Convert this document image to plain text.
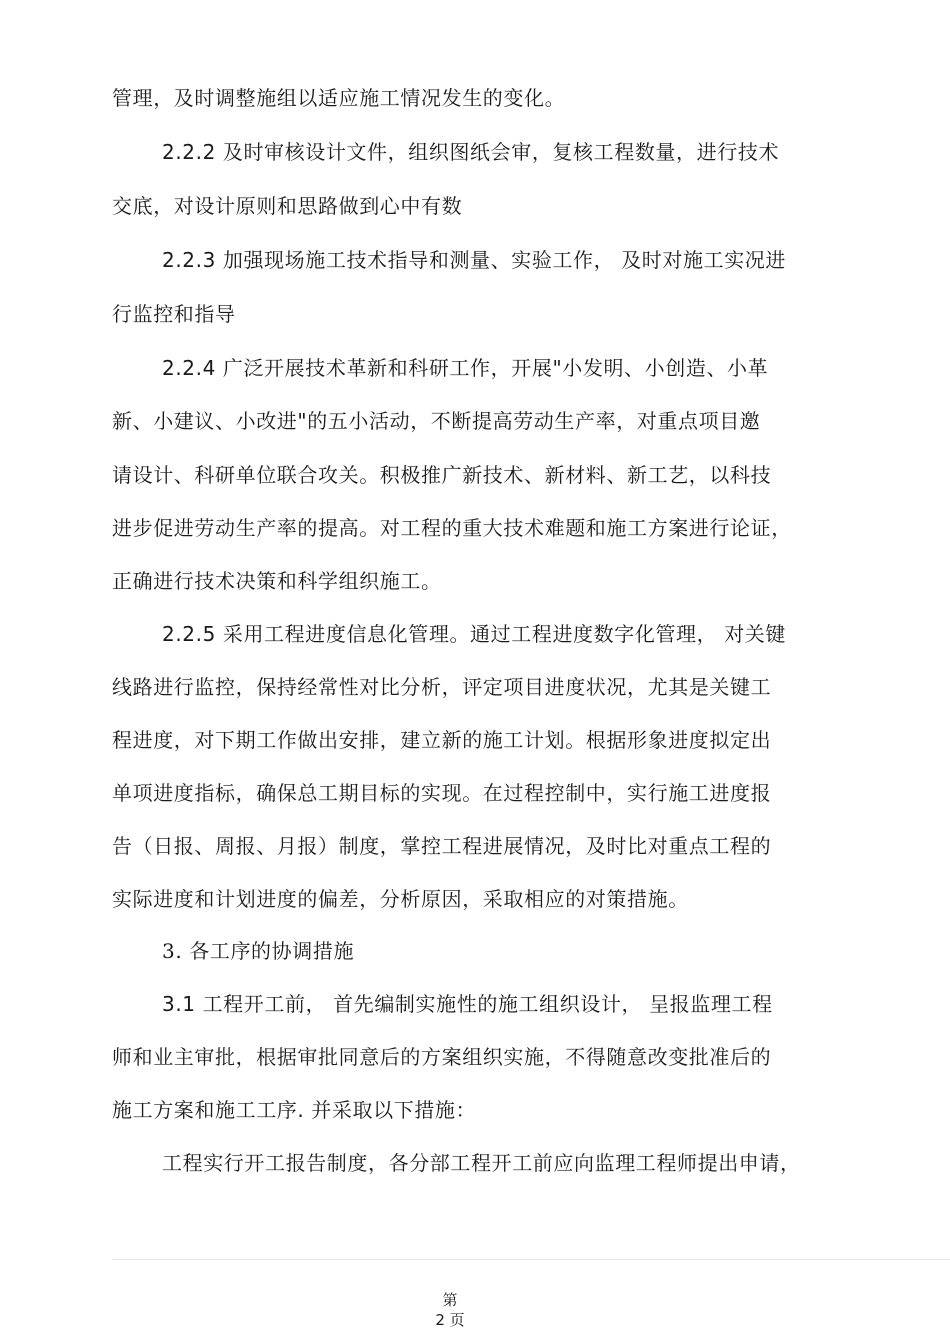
管理，及时调整施组以适应施工情况发生的变化。
2.2.2 及时审核设计文件，组织图纸会审，复核工程数量，进行技术
交底，对设计原则和思路做到心中有数
2.2.3 加强现场施工技术指导和测量、实验工作， 及时对施工实况进
行监控和指导
2.2.4 广泛开展技术革新和科研工作，开展"小发明、小创造、小革
新、小建议、小改进"的五小活动，不断提高劳动生产率，对重点项目邀
请设计、科研单位联合攻关。积极推广新技术、新材料、新工艺，以科技
进步促进劳动生产率的提高。对工程的重大技术难题和施工方案进行论证，
正确进行技术决策和科学组织施工。
2.2.5 采用工程进度信息化管理。通过工程进度数字化管理， 对关键
线路进行监控，保持经常性对比分析，评定项目进度状况，尤其是关键工
程进度，对下期工作做出安排，建立新的施工计划。根据形象进度拟定出
单项进度指标，确保总工期目标的实现。在过程控制中，实行施工进度报
告（日报、周报、月报）制度，掌控工程进展情况，及时比对重点工程的
实际进度和计划进度的偏差，分析原因，采取相应的对策措施。
3. 各工序的协调措施
3.1 工程开工前， 首先编制实施性的施工组织设计， 呈报监理工程
师和业主审批，根据审批同意后的方案组织实施，不得随意改变批准后的
施工方案和施工工序. 并采取以下措施：
工程实行开工报告制度，各分部工程开工前应向监理工程师提出申请，
第
2 页
